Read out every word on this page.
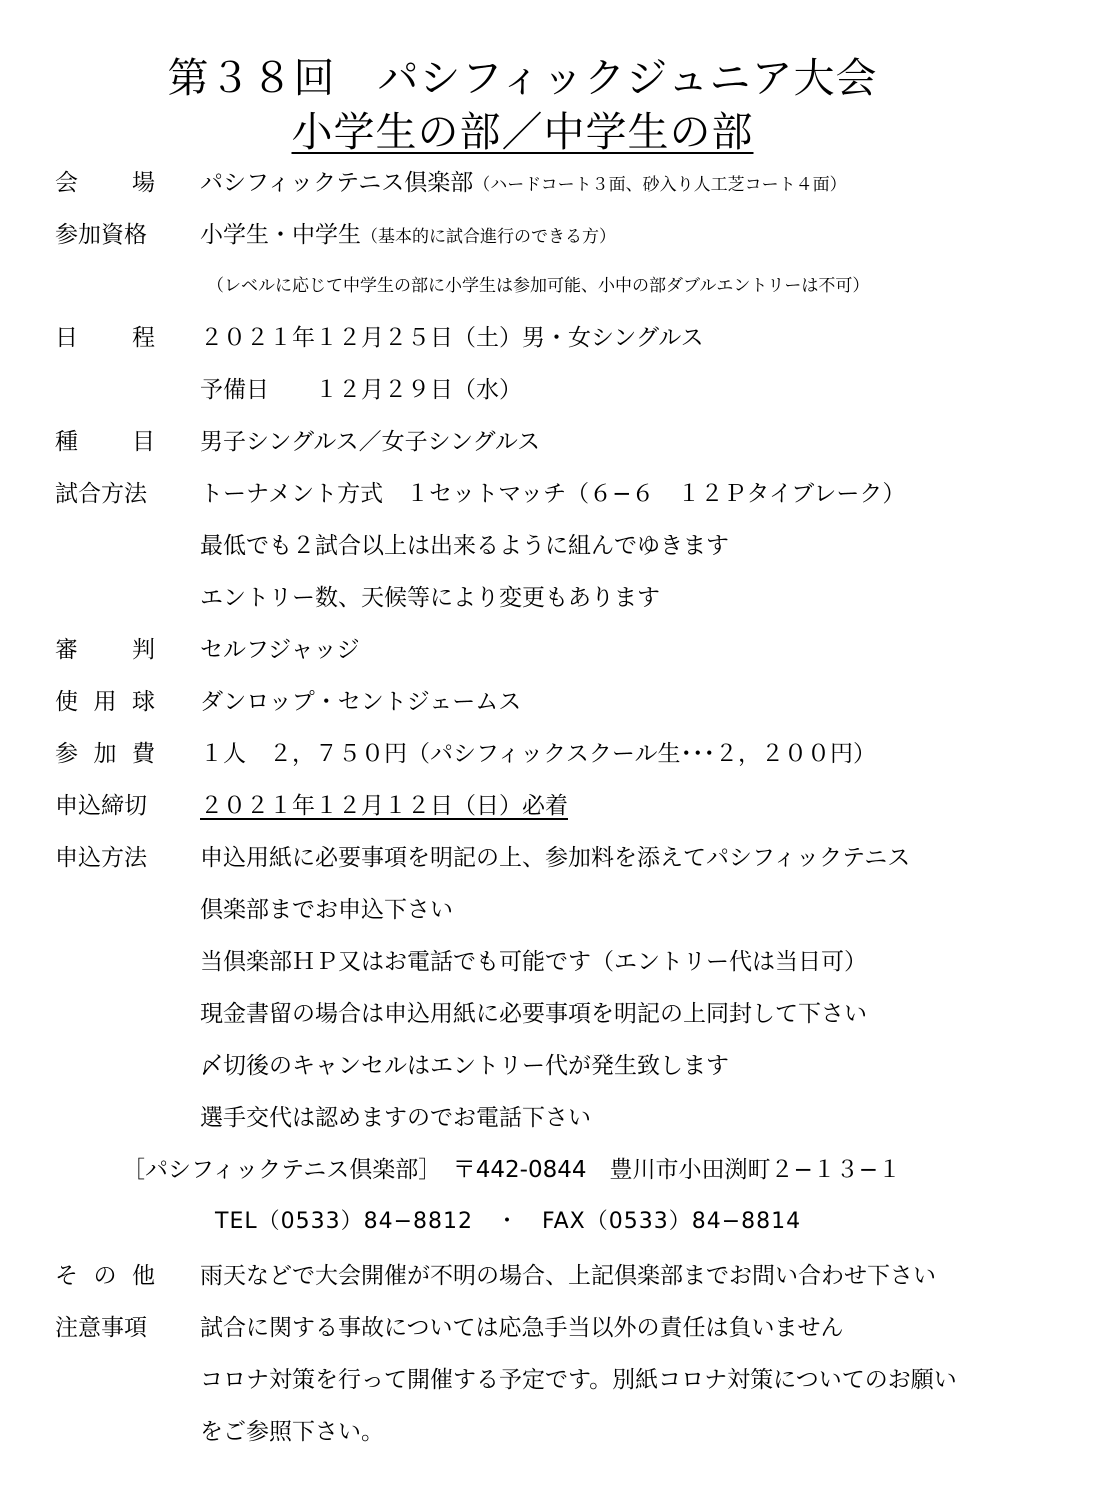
第３８回　パシフィックジュニア大会
小学生の部／中学生の部
会 場 パシフィックテニス倶楽部（ハードコート３面、砂入り人工芝コート４面）
参加資格	小学生・中学生（基本的に試合進行のできる方）
（レベルに応じて中学生の部に小学生は参加可能、小中の部ダブルエントリーは不可）
日 程 ２０２１年１２月２５日（土）男・女シングルス
予備日　　１２月２９日（水）
種 目 男子シングルス／女子シングルス
試合方法	トーナメント方式　１セットマッチ（６−６　１２Ｐタイブレーク）
最低でも２試合以上は出来るように組んでゆきます
エントリー数、天候等により変更もあります
審 判 セルフジャッジ
使 用 球 ダンロップ・セントジェームス
参 加 費 １人　２，７５０円（パシフィックスクール生･･･２，２００円）
申込締切	２０２１年１２月１２日（日）必着
申込方法	申込用紙に必要事項を明記の上、参加料を添えてパシフィックテニス
倶楽部までお申込下さい
当倶楽部ＨＰ又はお電話でも可能です（エントリー代は当日可）
現金書留の場合は申込用紙に必要事項を明記の上同封して下さい
〆切後のキャンセルはエントリー代が発生致します
選手交代は認めますのでお電話下さい
［パシフィックテニス倶楽部］　〒442-0844　豊川市小田渕町２−１３−１
TEL（0533）84−8812　・　FAX（0533）84−8814
そ の 他 雨天などで大会開催が不明の場合、上記倶楽部までお問い合わせ下さい
注意事項	試合に関する事故については応急手当以外の責任は負いません
コロナ対策を行って開催する予定です。別紙コロナ対策についてのお願い
をご参照下さい。
